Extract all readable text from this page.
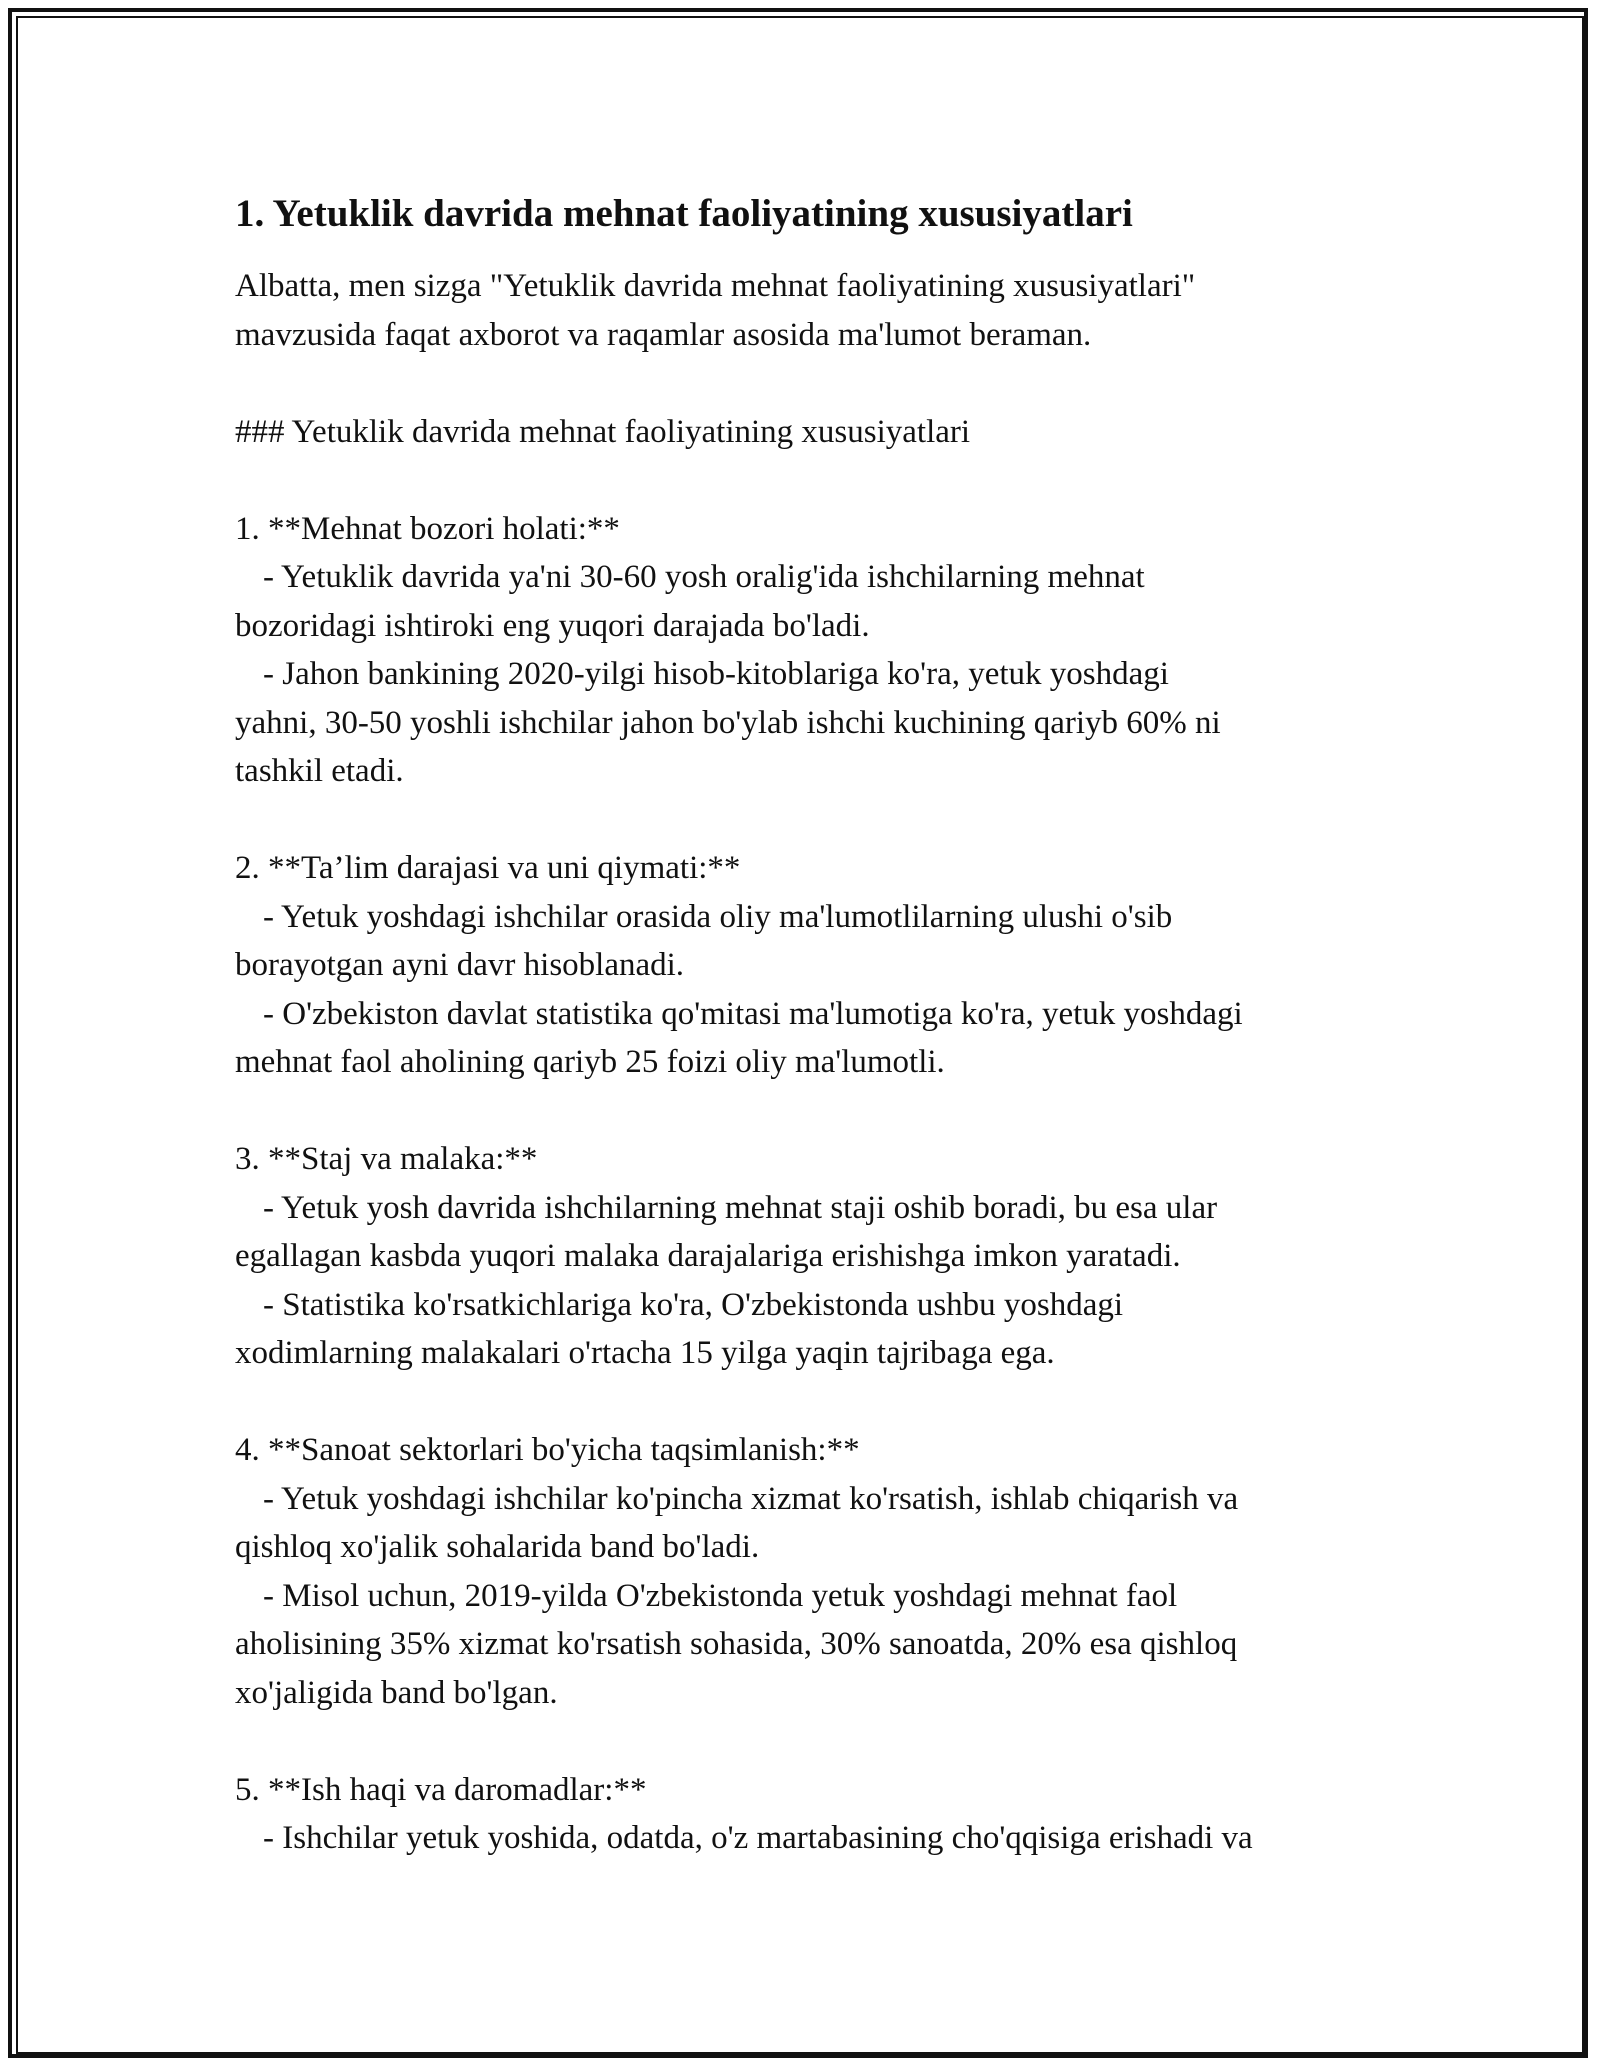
1. Yetuklik davrida mehnat faoliyatining xususiyatlari
Albatta, men sizga "Yetuklik davrida mehnat faoliyatining xususiyatlari"
mavzusida faqat axborot va raqamlar asosida ma'lumot beraman.
### Yetuklik davrida mehnat faoliyatining xususiyatlari
1. **Mehnat bozori holati:**
- Yetuklik davrida ya'ni 30-60 yosh oralig'ida ishchilarning mehnat
bozoridagi ishtiroki eng yuqori darajada bo'ladi.
- Jahon bankining 2020-yilgi hisob-kitoblariga ko'ra, yetuk yoshdagi
yahni, 30-50 yoshli ishchilar jahon bo'ylab ishchi kuchining qariyb 60% ni
tashkil etadi.
2. **Ta’lim darajasi va uni qiymati:**
- Yetuk yoshdagi ishchilar orasida oliy ma'lumotlilarning ulushi o'sib
borayotgan ayni davr hisoblanadi.
- O'zbekiston davlat statistika qo'mitasi ma'lumotiga ko'ra, yetuk yoshdagi
mehnat faol aholining qariyb 25 foizi oliy ma'lumotli.
3. **Staj va malaka:**
- Yetuk yosh davrida ishchilarning mehnat staji oshib boradi, bu esa ular
egallagan kasbda yuqori malaka darajalariga erishishga imkon yaratadi.
- Statistika ko'rsatkichlariga ko'ra, O'zbekistonda ushbu yoshdagi
xodimlarning malakalari o'rtacha 15 yilga yaqin tajribaga ega.
4. **Sanoat sektorlari bo'yicha taqsimlanish:**
- Yetuk yoshdagi ishchilar ko'pincha xizmat ko'rsatish, ishlab chiqarish va
qishloq xo'jalik sohalarida band bo'ladi.
- Misol uchun, 2019-yilda O'zbekistonda yetuk yoshdagi mehnat faol
aholisining 35% xizmat ko'rsatish sohasida, 30% sanoatda, 20% esa qishloq
xo'jaligida band bo'lgan.
5. **Ish haqi va daromadlar:**
- Ishchilar yetuk yoshida, odatda, o'z martabasining cho'qqisiga erishadi va
